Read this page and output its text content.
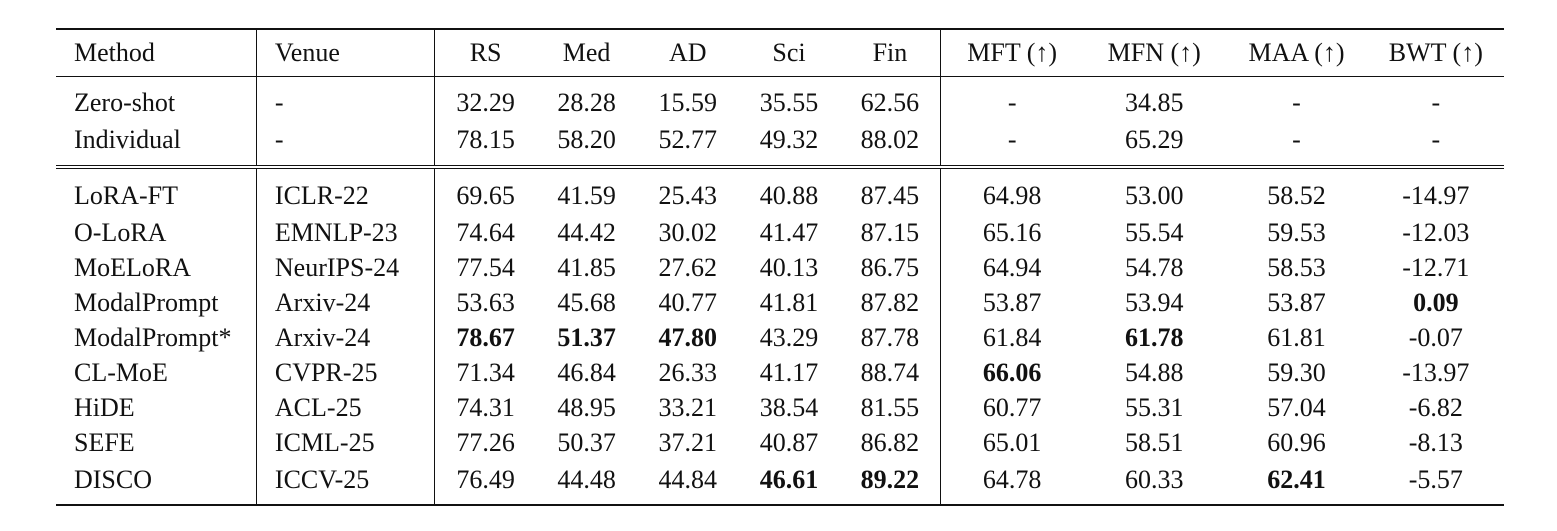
Method	Venue	RS	Med	AD	Sci	Fin	MFT (↑)	MFN (↑)	MAA (↑)	BWT (↑)
Zero-shot	-	32.29	28.28	15.59	35.55	62.56	-	34.85	-	-
Individual	-	78.15	58.20	52.77	49.32	88.02	-	65.29	-	-
LoRA-FT	ICLR-22	69.65	41.59	25.43	40.88	87.45	64.98	53.00	58.52	-14.97
O-LoRA	EMNLP-23	74.64	44.42	30.02	41.47	87.15	65.16	55.54	59.53	-12.03
MoELoRA	NeurIPS-24	77.54	41.85	27.62	40.13	86.75	64.94	54.78	58.53	-12.71
ModalPrompt	Arxiv-24	53.63	45.68	40.77	41.81	87.82	53.87	53.94	53.87	0.09
ModalPrompt*	Arxiv-24	78.67	51.37	47.80	43.29	87.78	61.84	61.78	61.81	-0.07
CL-MoE	CVPR-25	71.34	46.84	26.33	41.17	88.74	66.06	54.88	59.30	-13.97
HiDE	ACL-25	74.31	48.95	33.21	38.54	81.55	60.77	55.31	57.04	-6.82
SEFE	ICML-25	77.26	50.37	37.21	40.87	86.82	65.01	58.51	60.96	-8.13
DISCO	ICCV-25	76.49	44.48	44.84	46.61	89.22	64.78	60.33	62.41	-5.57
